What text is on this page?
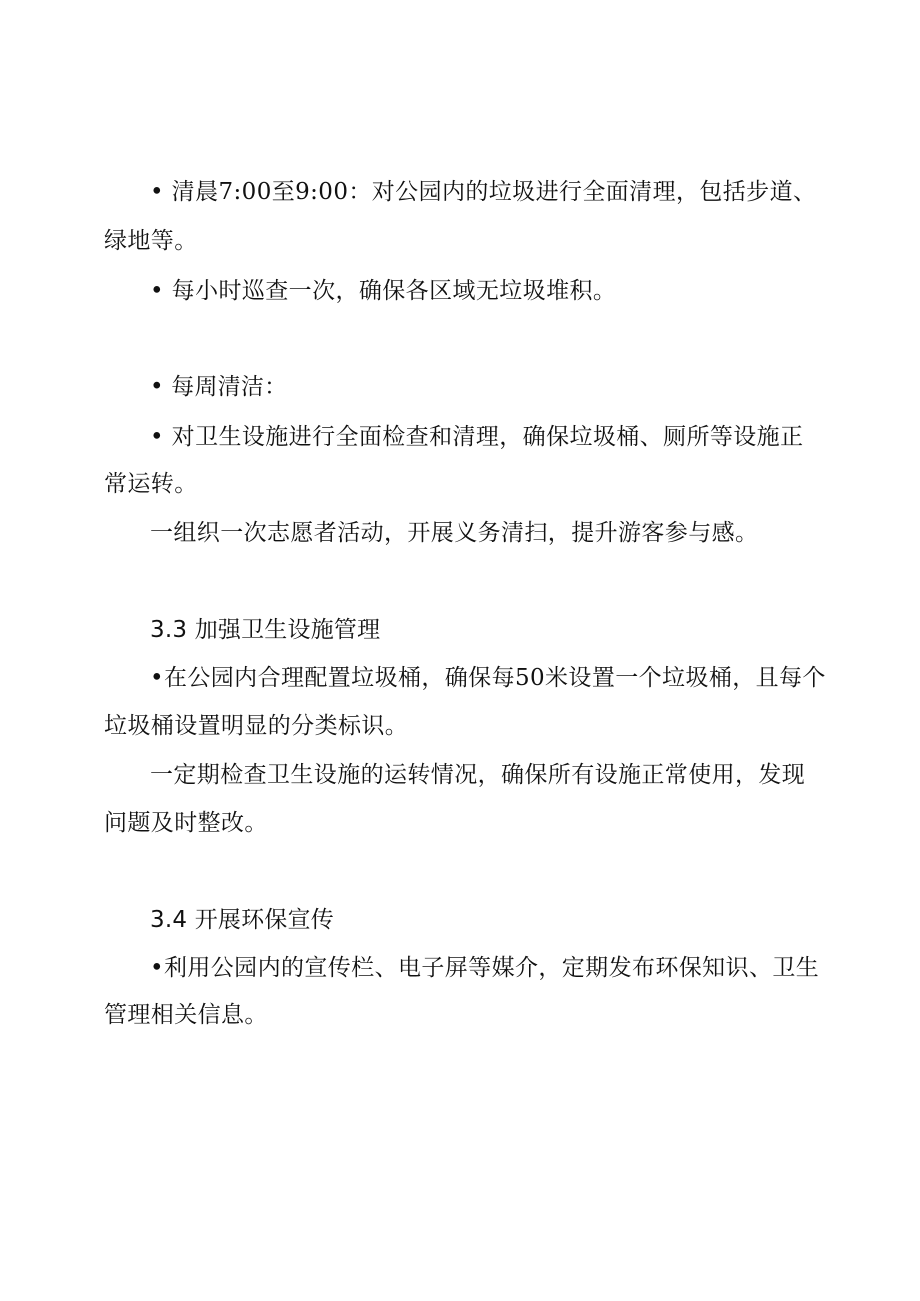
• 清晨7:00至9:00：对公园内的垃圾进行全面清理，包括步道、
绿地等。
• 每小时巡查一次，确保各区域无垃圾堆积。
• 每周清洁：
• 对卫生设施进行全面检查和清理，确保垃圾桶、厕所等设施正
常运转。
一组织一次志愿者活动，开展义务清扫，提升游客参与感。
3.3 加强卫生设施管理
•在公园内合理配置垃圾桶，确保每50米设置一个垃圾桶，且每个
垃圾桶设置明显的分类标识。
一定期检查卫生设施的运转情况，确保所有设施正常使用，发现
问题及时整改。
3.4 开展环保宣传
•利用公园内的宣传栏、电子屏等媒介，定期发布环保知识、卫生
管理相关信息。
